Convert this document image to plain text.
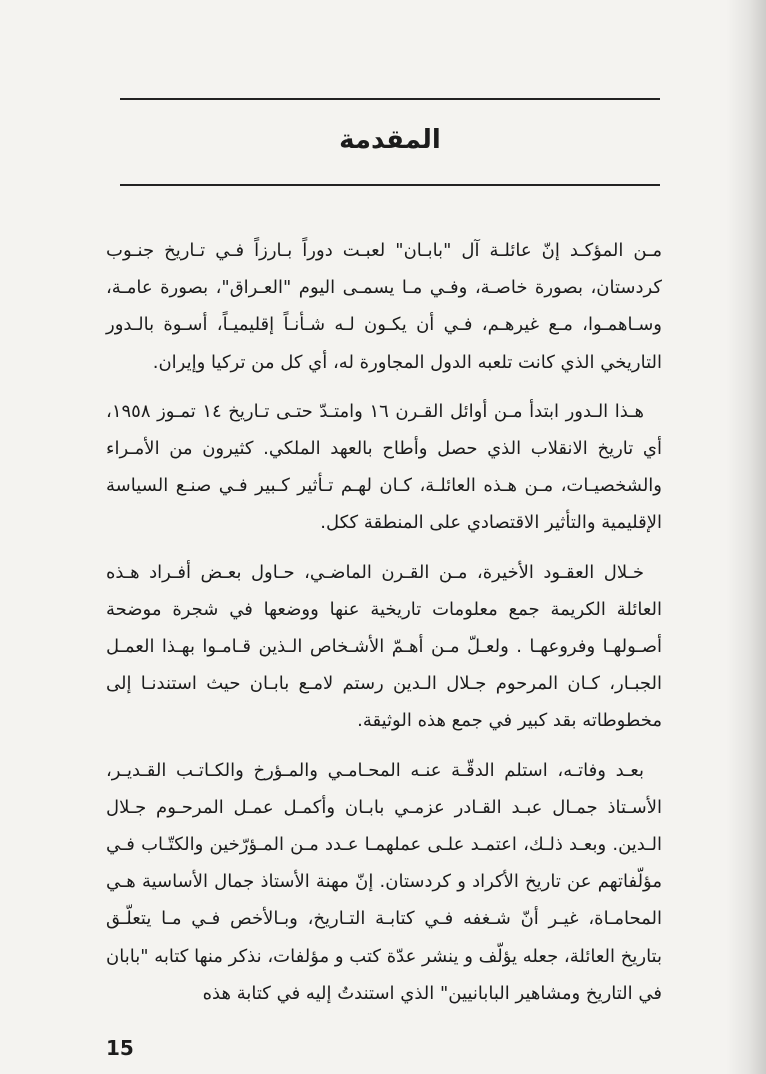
المقدمة

مـن المؤكـد إنّ عائلـة آل "بابـان" لعبـت دوراً بـارزاً فـي تـاريخ جنـوب كردستان، بصورة خاصـة، وفـي مـا يسمـى اليوم "العـراق"، بصورة عامـة، وسـاهمـوا، مـع غيرهـم، فـي أن يكـون لـه شـأنـاً إقليميـاً، أسـوة بالـدور التاريخي الذي كانت تلعبه الدول المجاورة له، أي كل من تركيا وإيران.

هـذا الـدور ابتدأ مـن أوائل القـرن ١٦ وامتـدّ حتـى تـاريخ ١٤ تمـوز ١٩٥٨، أي تاريخ الانقلاب الذي حصل وأطاح بالعهد الملكي. كثيرون من الأمـراء والشخصيـات، مـن هـذه العائلـة، كـان لهـم تـأثير كـبير فـي صنـع السياسة الإقليمية والتأثير الاقتصادي على المنطقة ككل.

خـلال العقـود الأخيرة، مـن القـرن الماضـي، حـاول بعـض أفـراد هـذه العائلة الكريمة جمع معلومات تاريخية عنها ووضعها في شجرة موضحة أصـولهـا وفروعهـا . ولعـلّ مـن أهـمّ الأشـخاص الـذين قـامـوا بهـذا العمـل الجبـار، كـان المرحوم جـلال الـدين رستم لامـع بابـان حيث استندنـا إلى مخطوطاته بقد كبير في جمع هذه الوثيقة.

بعـد وفاتـه، استلم الدقّـة عنـه المحـامـي والمـؤرخ والكـاتـب القـديـر، الأسـتاذ جمـال عبـد القـادر عزمـي بابـان وأكمـل عمـل المرحـوم جـلال الـدين. وبعـد ذلـك، اعتمـد علـى عملهمـا عـدد مـن المـؤرّخين والكتّـاب فـي مؤلّفاتهم عن تاريخ الأكراد و كردستان. إنّ مهنة الأستاذ جمال الأساسية هـي المحامـاة، غيـر أنّ شـغفه فـي كتابـة التـاريخ، وبـالأخص فـي مـا يتعلّـق بتاريخ العائلة، جعله يؤلّف و ينشر عدّة كتب و مؤلفات، نذكر منها كتابه "بابان في التاريخ ومشاهير البابانيين" الذي استندتُ إليه في كتابة هذه

15
